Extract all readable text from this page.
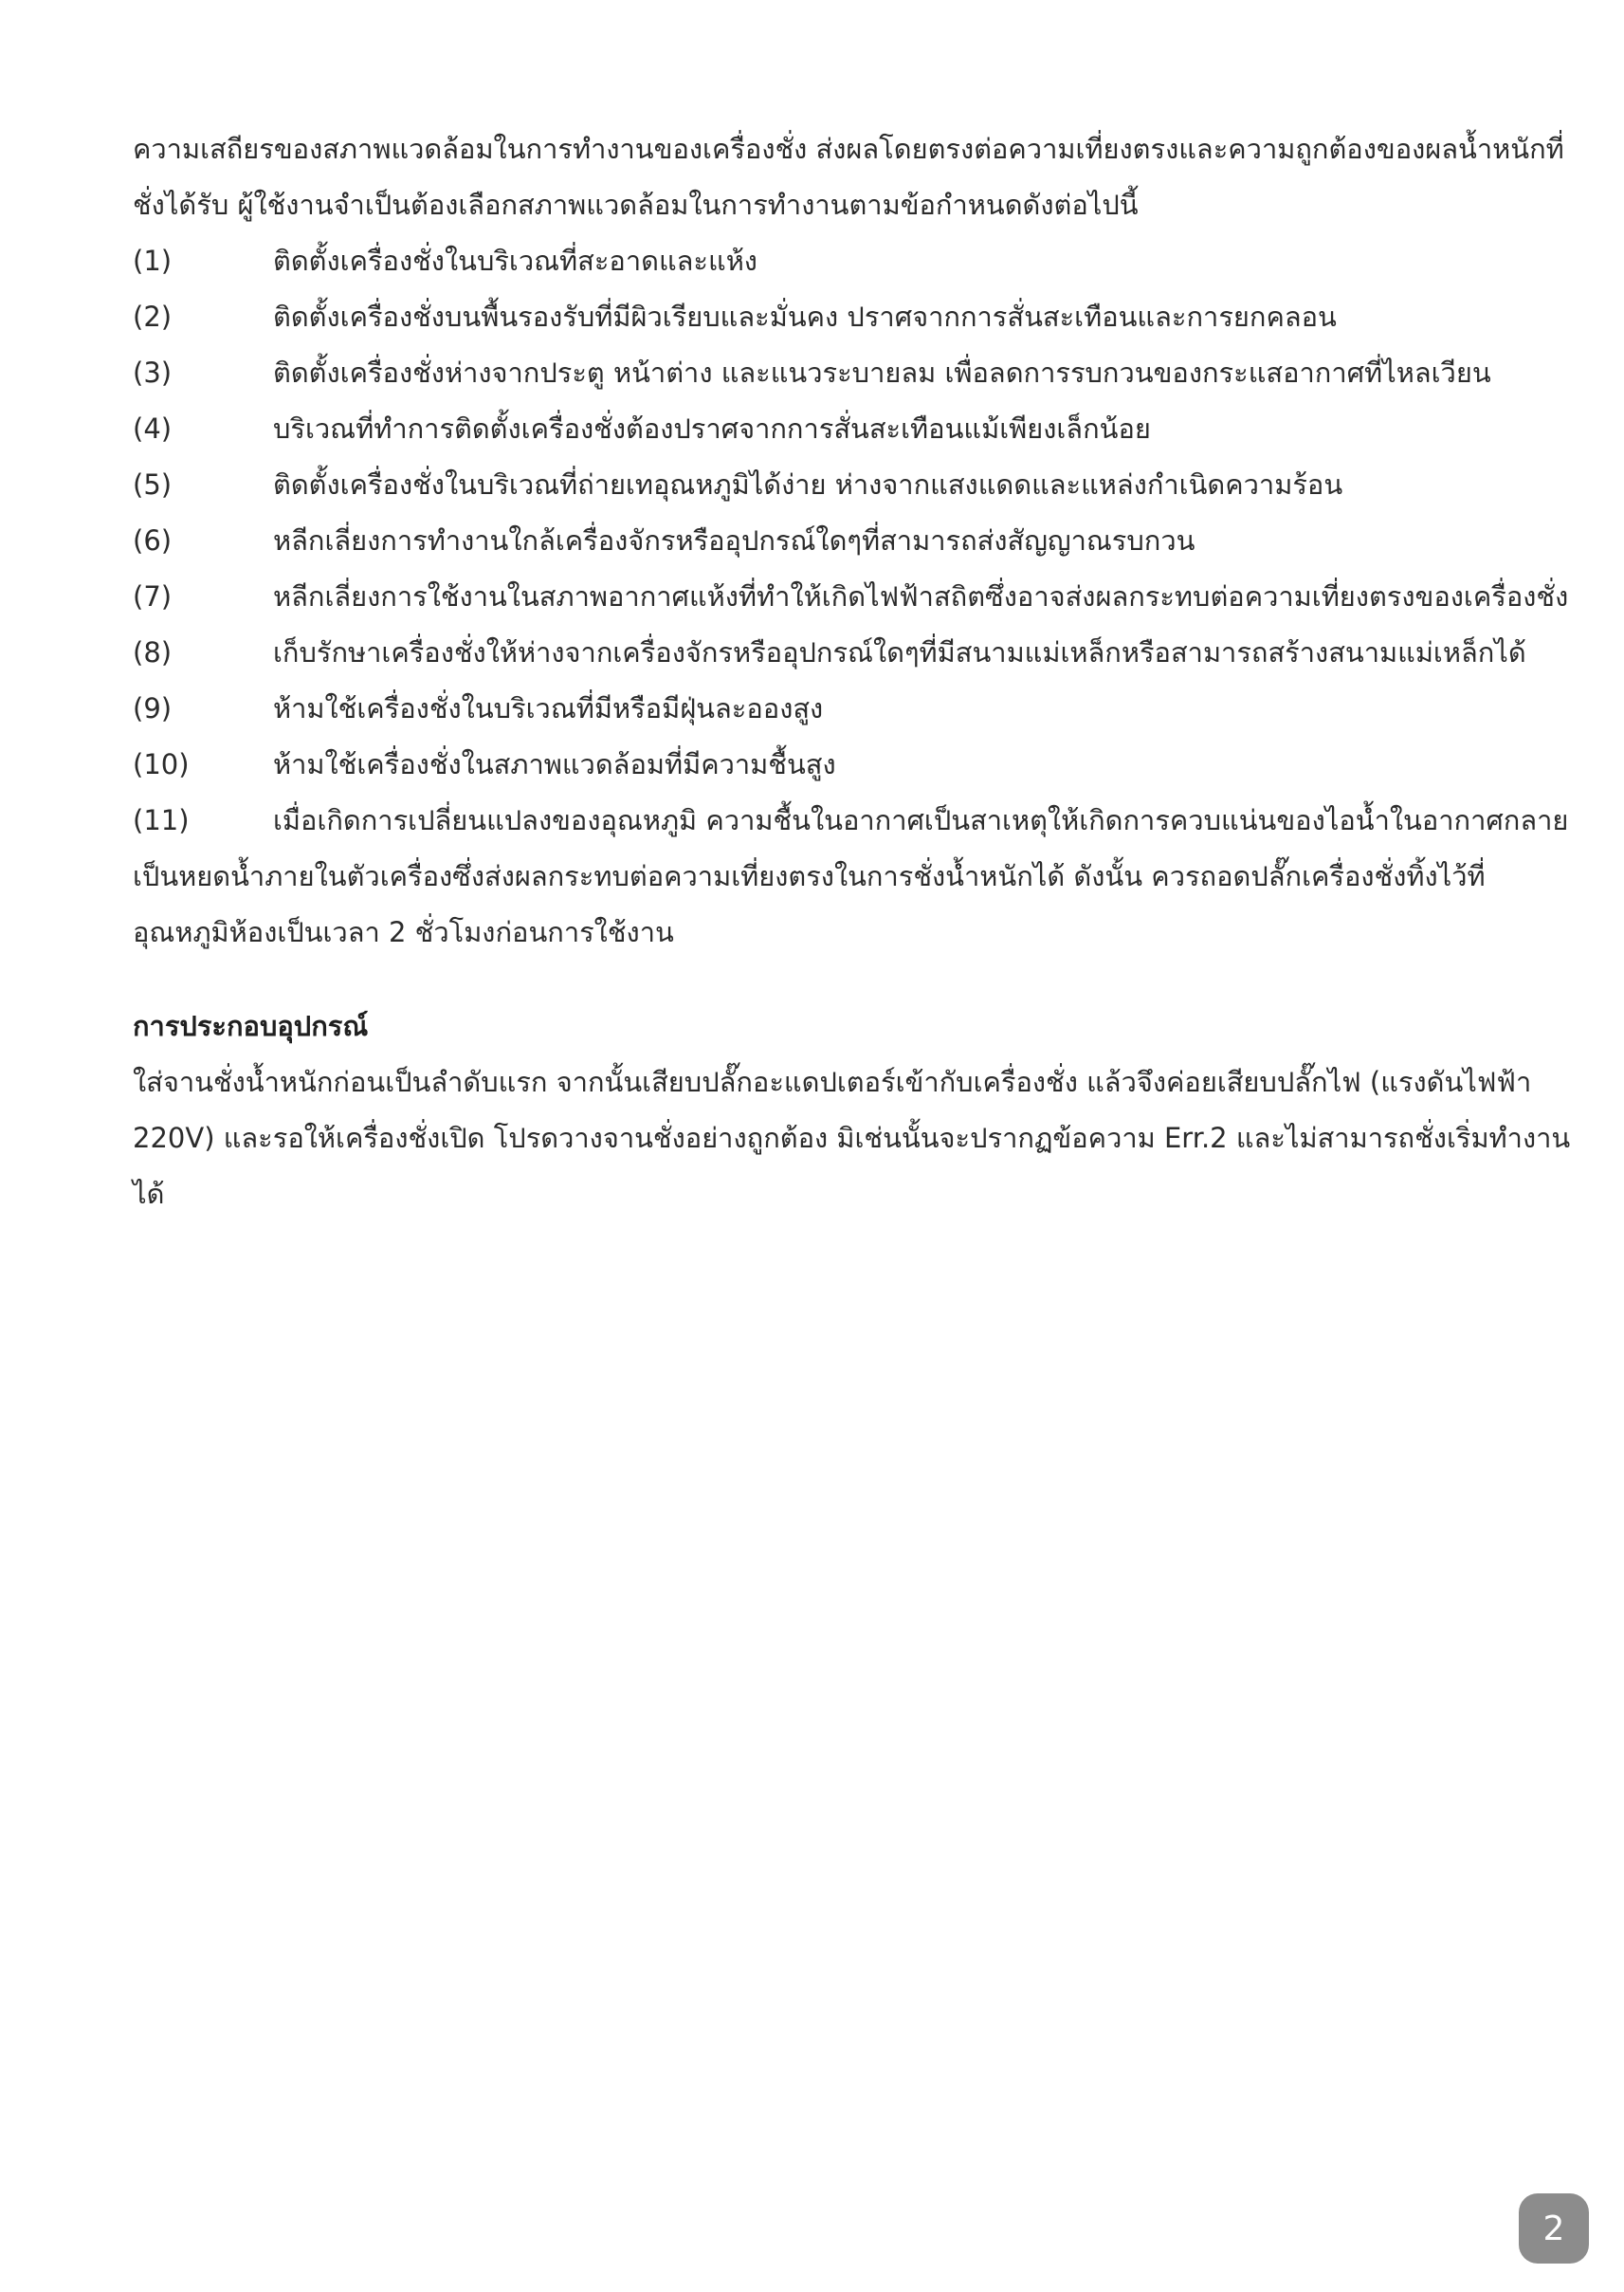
ความเสถียรของสภาพแวดล้อมในการทำงานของเครื่องชั่ง ส่งผลโดยตรงต่อความเที่ยงตรงและความถูกต้องของผลน้ำหนักที่ชั่งได้รับ ผู้ใช้งานจำเป็นต้องเลือกสภาพแวดล้อมในการทำงานตามข้อกำหนดดังต่อไปนี้

(1)	ติดตั้งเครื่องชั่งในบริเวณที่สะอาดและแห้ง
(2)	ติดตั้งเครื่องชั่งบนพื้นรองรับที่มีผิวเรียบและมั่นคง ปราศจากการสั่นสะเทือนและการยกคลอน
(3)	ติดตั้งเครื่องชั่งห่างจากประตู หน้าต่าง และแนวระบายลม เพื่อลดการรบกวนของกระแสอากาศที่ไหลเวียน
(4)	บริเวณที่ทำการติดตั้งเครื่องชั่งต้องปราศจากการสั่นสะเทือนแม้เพียงเล็กน้อย
(5)	ติดตั้งเครื่องชั่งในบริเวณที่ถ่ายเทอุณหภูมิได้ง่าย ห่างจากแสงแดดและแหล่งกำเนิดความร้อน
(6)	หลีกเลี่ยงการทำงานใกล้เครื่องจักรหรืออุปกรณ์ใดๆที่สามารถส่งสัญญาณรบกวน
(7)	หลีกเลี่ยงการใช้งานในสภาพอากาศแห้งที่ทำให้เกิดไฟฟ้าสถิตซึ่งอาจส่งผลกระทบต่อความเที่ยงตรงของเครื่องชั่ง
(8)	เก็บรักษาเครื่องชั่งให้ห่างจากเครื่องจักรหรืออุปกรณ์ใดๆที่มีสนามแม่เหล็กหรือสามารถสร้างสนามแม่เหล็กได้
(9)	ห้ามใช้เครื่องชั่งในบริเวณที่มีหรือมีฝุ่นละอองสูง
(10)	ห้ามใช้เครื่องชั่งในสภาพแวดล้อมที่มีความชื้นสูง

(11)	เมื่อเกิดการเปลี่ยนแปลงของอุณหภูมิ ความชื้นในอากาศเป็นสาเหตุให้เกิดการควบแน่นของไอน้ำในอากาศกลายเป็นหยดน้ำภายในตัวเครื่องซึ่งส่งผลกระทบต่อความเที่ยงตรงในการชั่งน้ำหนักได้ ดังนั้น ควรถอดปลั๊กเครื่องชั่งทิ้งไว้ที่อุณหภูมิห้องเป็นเวลา 2 ชั่วโมงก่อนการใช้งาน

การประกอบอุปกรณ์

ใส่จานชั่งน้ำหนักก่อนเป็นลำดับแรก จากนั้นเสียบปลั๊กอะแดปเตอร์เข้ากับเครื่องชั่ง แล้วจึงค่อยเสียบปลั๊กไฟ (แรงดันไฟฟ้า 220V) และรอให้เครื่องชั่งเปิด โปรดวางจานชั่งอย่างถูกต้อง มิเช่นนั้นจะปรากฏข้อความ Err.2 และไม่สามารถชั่งเริ่มทำงานได้

2
